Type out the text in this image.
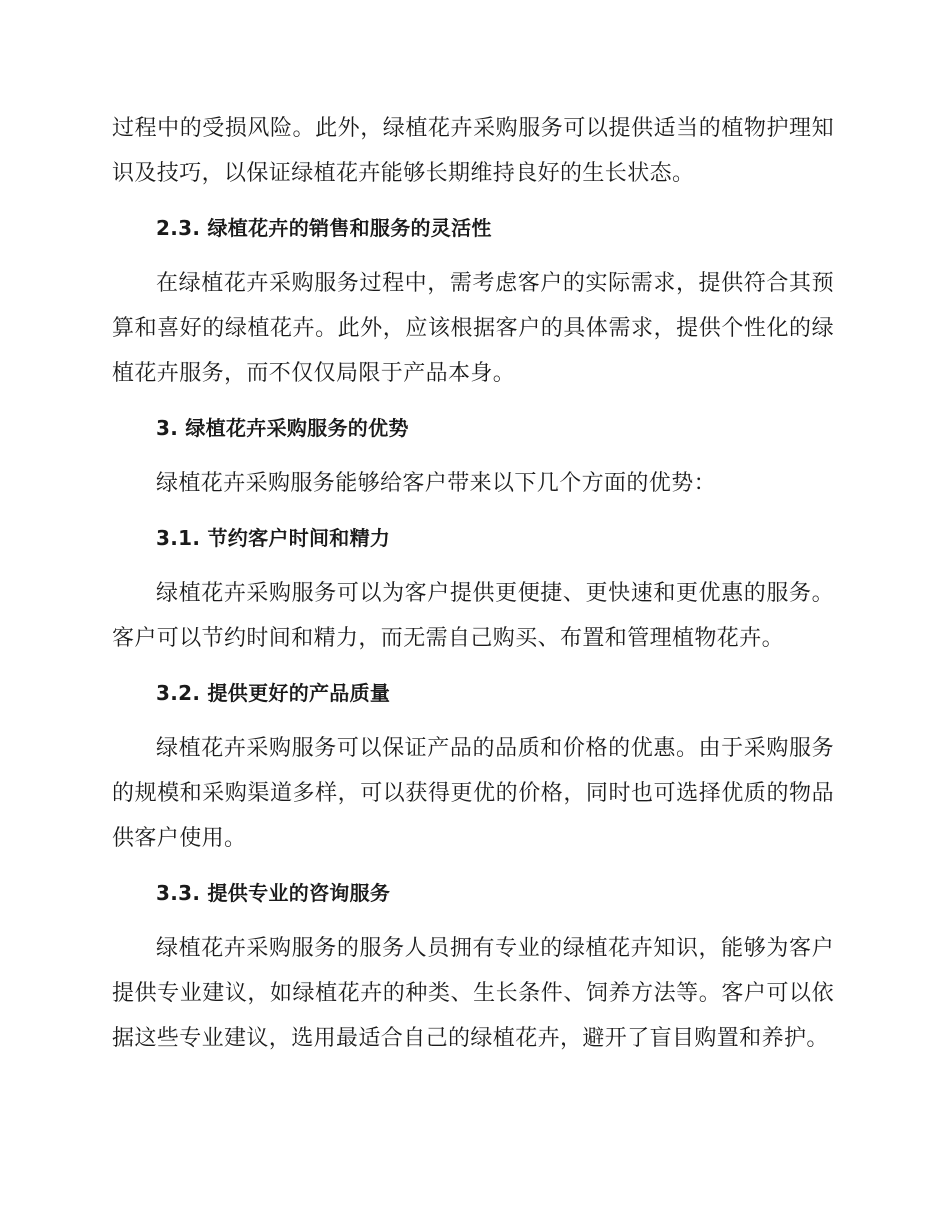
过程中的受损风险。此外，绿植花卉采购服务可以提供适当的植物护理知识及技巧，以保证绿植花卉能够长期维持良好的生长状态。

2.3. 绿植花卉的销售和服务的灵活性

在绿植花卉采购服务过程中，需考虑客户的实际需求，提供符合其预算和喜好的绿植花卉。此外，应该根据客户的具体需求，提供个性化的绿植花卉服务，而不仅仅局限于产品本身。

3. 绿植花卉采购服务的优势

绿植花卉采购服务能够给客户带来以下几个方面的优势：

3.1. 节约客户时间和精力

绿植花卉采购服务可以为客户提供更便捷、更快速和更优惠的服务。客户可以节约时间和精力，而无需自己购买、布置和管理植物花卉。

3.2. 提供更好的产品质量

绿植花卉采购服务可以保证产品的品质和价格的优惠。由于采购服务的规模和采购渠道多样，可以获得更优的价格，同时也可选择优质的物品供客户使用。

3.3. 提供专业的咨询服务

绿植花卉采购服务的服务人员拥有专业的绿植花卉知识，能够为客户提供专业建议，如绿植花卉的种类、生长条件、饲养方法等。客户可以依据这些专业建议，选用最适合自己的绿植花卉，避开了盲目购置和养护。
